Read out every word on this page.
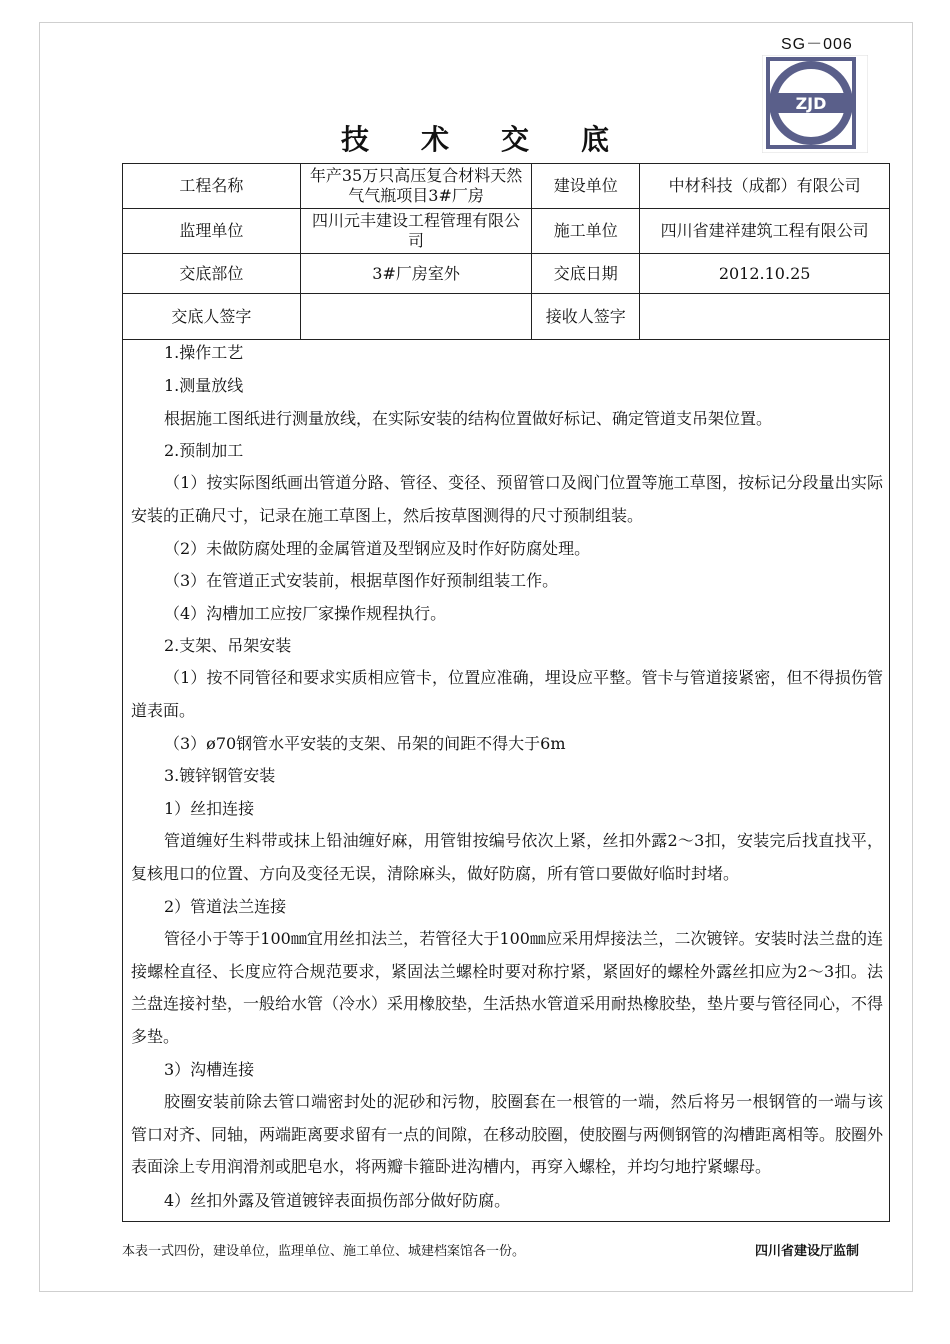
SG－006
ZJD
技 术 交 底
工程名称	年产35万只高压复合材料天然气气瓶项目3#厂房	建设单位	中材科技（成都）有限公司
监理单位	四川元丰建设工程管理有限公司	施工单位	四川省建祥建筑工程有限公司
交底部位	3#厂房室外	交底日期	2012.10.25
交底人签字		接收人签字	
1.操作工艺
1.测量放线
根据施工图纸进行测量放线，在实际安装的结构位置做好标记、确定管道支吊架位置。
2.预制加工
（1）按实际图纸画出管道分路、管径、变径、预留管口及阀门位置等施工草图，按标记分段量出实际安装的正确尺寸，记录在施工草图上，然后按草图测得的尺寸预制组装。
（2）未做防腐处理的金属管道及型钢应及时作好防腐处理。
（3）在管道正式安装前，根据草图作好预制组装工作。
（4）沟槽加工应按厂家操作规程执行。
2.支架、吊架安装
（1）按不同管径和要求实质相应管卡，位置应准确，埋设应平整。管卡与管道接紧密，但不得损伤管道表面。
（3）ø70钢管水平安装的支架、吊架的间距不得大于6m
3.镀锌钢管安装
1）丝扣连接
管道缠好生料带或抹上铅油缠好麻，用管钳按编号依次上紧，丝扣外露2～3扣，安装完后找直找平，复核甩口的位置、方向及变径无误，清除麻头，做好防腐，所有管口要做好临时封堵。
2）管道法兰连接
管径小于等于100㎜宜用丝扣法兰，若管径大于100㎜应采用焊接法兰，二次镀锌。安装时法兰盘的连接螺栓直径、长度应符合规范要求，紧固法兰螺栓时要对称拧紧，紧固好的螺栓外露丝扣应为2～3扣。法兰盘连接衬垫，一般给水管（冷水）采用橡胶垫，生活热水管道采用耐热橡胶垫，垫片要与管径同心，不得多垫。
3）沟槽连接
胶圈安装前除去管口端密封处的泥砂和污物，胶圈套在一根管的一端，然后将另一根钢管的一端与该管口对齐、同轴，两端距离要求留有一点的间隙，在移动胶圈，使胶圈与两侧钢管的沟槽距离相等。胶圈外表面涂上专用润滑剂或肥皂水，将两瓣卡箍卧进沟槽内，再穿入螺栓，并均匀地拧紧螺母。
4）丝扣外露及管道镀锌表面损伤部分做好防腐。
本表一式四份，建设单位，监理单位、施工单位、城建档案馆各一份。	四川省建设厅监制
